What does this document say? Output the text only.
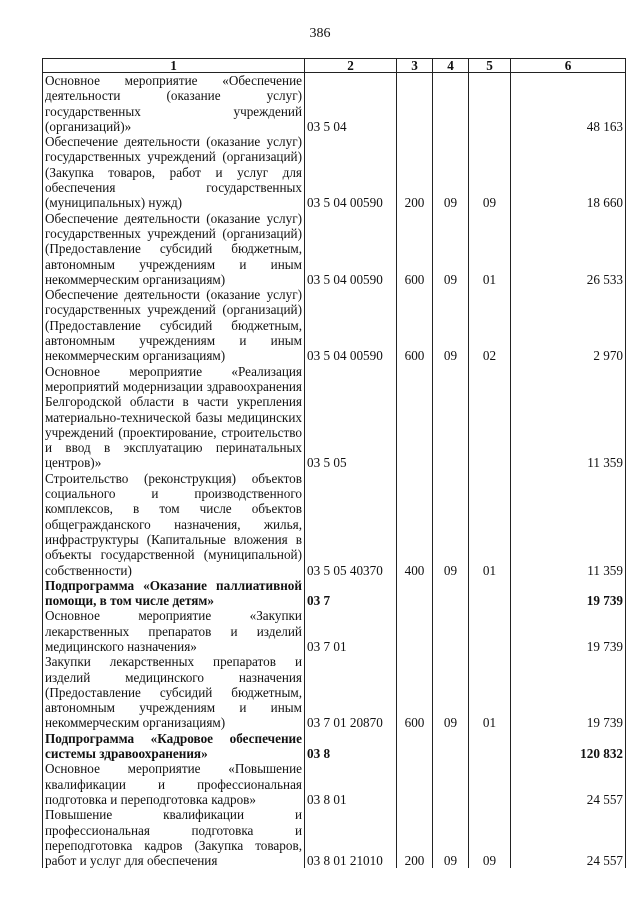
386
1	2	3	4	5	6
Основное мероприятие «Обеспечение деятельности (оказание услуг) государственных учреждений (организаций)»	03 5 04				48 163
Обеспечение деятельности (оказание услуг) государственных учреждений (организаций) (Закупка товаров, работ и услуг для обеспечения государственных (муниципальных) нужд)	03 5 04 00590	200	09	09	18 660
Обеспечение деятельности (оказание услуг) государственных учреждений (организаций) (Предоставление субсидий бюджетным, автономным учреждениям и иным некоммерческим организациям)	03 5 04 00590	600	09	01	26 533
Обеспечение деятельности (оказание услуг) государственных учреждений (организаций) (Предоставление субсидий бюджетным, автономным учреждениям и иным некоммерческим организациям)	03 5 04 00590	600	09	02	2 970
Основное мероприятие «Реализация мероприятий модернизации здравоохранения Белгородской области в части укрепления материально-технической базы медицинских учреждений (проектирование, строительство и ввод в эксплуатацию перинатальных центров)»	03 5 05				11 359
Строительство (реконструкция) объектов социального и производственного комплексов, в том числе объектов общегражданского назначения, жилья, инфраструктуры (Капитальные вложения в объекты государственной (муниципальной) собственности)	03 5 05 40370	400	09	01	11 359
Подпрограмма «Оказание паллиативной помощи, в том числе детям»	03 7				19 739
Основное мероприятие «Закупки лекарственных препаратов и изделий медицинского назначения»	03 7 01				19 739
Закупки лекарственных препаратов и изделий медицинского назначения (Предоставление субсидий бюджетным, автономным учреждениям и иным некоммерческим организациям)	03 7 01 20870	600	09	01	19 739
Подпрограмма «Кадровое обеспечение системы здравоохранения»	03 8				120 832
Основное мероприятие «Повышение квалификации и профессиональная подготовка и переподготовка кадров»	03 8 01				24 557
Повышение квалификации и профессиональная подготовка и переподготовка кадров (Закупка товаров, работ и услуг для обеспечения	03 8 01 21010	200	09	09	24 557
